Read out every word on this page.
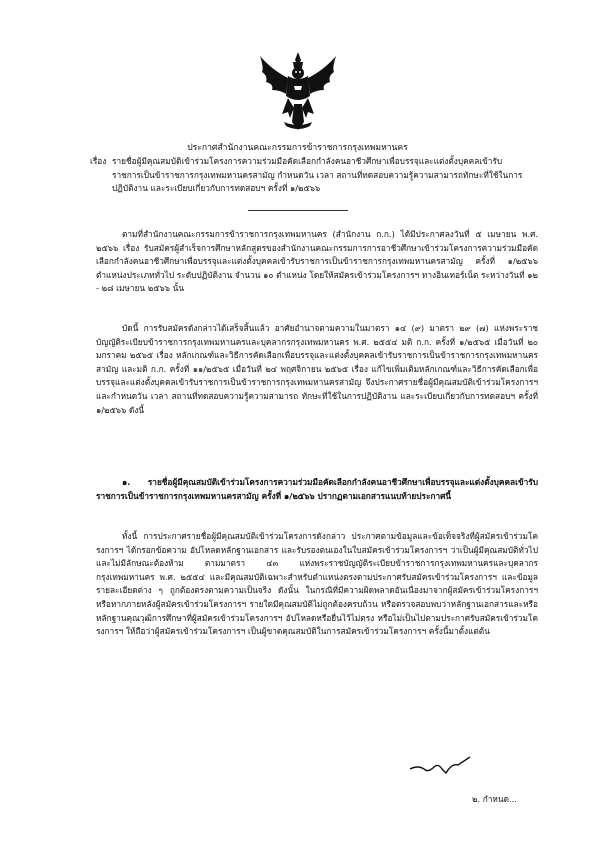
ประกาศสำนักงานคณะกรรมการข้าราชการกรุงเทพมหานคร
เรื่อง รายชื่อผู้มีคุณสมบัติเข้าร่วมโครงการความร่วมมือคัดเลือกกำลังคนอาชีวศึกษาเพื่อบรรจุและแต่งตั้งบุคคลเข้ารับราชการเป็นข้าราชการกรุงเทพมหานครสามัญ กำหนดวัน เวลา สถานที่ทดสอบความรู้ความสามารถทักษะที่ใช้ในการปฏิบัติงาน และระเบียบเกี่ยวกับการทดสอบฯ ครั้งที่ ๑/๒๕๖๖
ตามที่สำนักงานคณะกรรมการข้าราชการกรุงเทพมหานคร (สำนักงาน ก.ก.) ได้มีประกาศลงวันที่ ๕ เมษายน พ.ศ. ๒๕๖๖ เรื่อง รับสมัครผู้สำเร็จการศึกษาหลักสูตรของสำนักงานคณะกรรมการการอาชีวศึกษาเข้าร่วมโครงการความร่วมมือคัดเลือกกำลังคนอาชีวศึกษาเพื่อบรรจุและแต่งตั้งบุคคลเข้ารับราชการเป็นข้าราชการกรุงเทพมหานครสามัญ ครั้งที่ ๑/๒๕๖๖ ตำแหน่งประเภททั่วไป ระดับปฏิบัติงาน จำนวน ๑๐ ตำแหน่ง โดยให้สมัครเข้าร่วมโครงการฯ ทางอินเทอร์เน็ต ระหว่างวันที่ ๑๒ - ๒๘ เมษายน ๒๕๖๖ นั้น
บัดนี้ การรับสมัครดังกล่าวได้เสร็จสิ้นแล้ว อาศัยอำนาจตามความในมาตรา ๑๔ (๙) มาตรา ๒๙ (๗) แห่งพระราชบัญญัติระเบียบข้าราชการกรุงเทพมหานครและบุคลากรกรุงเทพมหานคร พ.ศ. ๒๕๕๔ มติ ก.ก. ครั้งที่ ๑/๒๕๖๕ เมื่อวันที่ ๒๐ มกราคม ๒๕๖๕ เรื่อง หลักเกณฑ์และวิธีการคัดเลือกเพื่อบรรจุและแต่งตั้งบุคคลเข้ารับราชการเป็นข้าราชการกรุงเทพมหานครสามัญ และมติ ก.ก. ครั้งที่ ๑๑/๒๕๖๕ เมื่อวันที่ ๒๔ พฤศจิกายน ๒๕๖๕ เรื่อง แก้ไขเพิ่มเติมหลักเกณฑ์และวิธีการคัดเลือกเพื่อบรรจุและแต่งตั้งบุคคลเข้ารับราชการเป็นข้าราชการกรุงเทพมหานครสามัญ จึงประกาศรายชื่อผู้มีคุณสมบัติเข้าร่วมโครงการฯ และกำหนดวัน เวลา สถานที่ทดสอบความรู้ความสามารถ ทักษะที่ใช้ในการปฏิบัติงาน และระเบียบเกี่ยวกับการทดสอบฯ ครั้งที่ ๑/๒๕๖๖ ดังนี้
๑. รายชื่อผู้มีคุณสมบัติเข้าร่วมโครงการความร่วมมือคัดเลือกกำลังคนอาชีวศึกษาเพื่อบรรจุและแต่งตั้งบุคคลเข้ารับราชการเป็นข้าราชการกรุงเทพมหานครสามัญ ครั้งที่ ๑/๒๕๖๖ ปรากฏตามเอกสารแนบท้ายประกาศนี้
ทั้งนี้ การประกาศรายชื่อผู้มีคุณสมบัติเข้าร่วมโครงการดังกล่าว ประกาศตามข้อมูลและข้อเท็จจริงที่ผู้สมัครเข้าร่วมโครงการฯ ได้กรอกข้อความ อัปโหลดหลักฐานเอกสาร และรับรองตนเองในใบสมัครเข้าร่วมโครงการฯ ว่าเป็นผู้มีคุณสมบัติทั่วไปและไม่มีลักษณะต้องห้าม ตามมาตรา ๔๓ แห่งพระราชบัญญัติระเบียบข้าราชการกรุงเทพมหานครและบุคลากรกรุงเทพมหานคร พ.ศ. ๒๕๕๔ และมีคุณสมบัติเฉพาะสำหรับตำแหน่งตรงตามประกาศรับสมัครเข้าร่วมโครงการฯ และข้อมูลรายละเอียดต่าง ๆ ถูกต้องตรงตามความเป็นจริง ดังนั้น ในกรณีที่มีความผิดพลาดอันเนื่องมาจากผู้สมัครเข้าร่วมโครงการฯ หรือหากภายหลังผู้สมัครเข้าร่วมโครงการฯ รายใดมีคุณสมบัติไม่ถูกต้องครบถ้วน หรือตรวจสอบพบว่าหลักฐานเอกสารและหรือหลักฐานคุณวุฒิการศึกษาที่ผู้สมัครเข้าร่วมโครงการฯ อัปโหลดหรือยื่นไว้ไม่ตรง หรือไม่เป็นไปตามประกาศรับสมัครเข้าร่วมโครงการฯ ให้ถือว่าผู้สมัครเข้าร่วมโครงการฯ เป็นผู้ขาดคุณสมบัติในการสมัครเข้าร่วมโครงการฯ ครั้งนี้มาตั้งแต่ต้น
๒. กำหนด...
